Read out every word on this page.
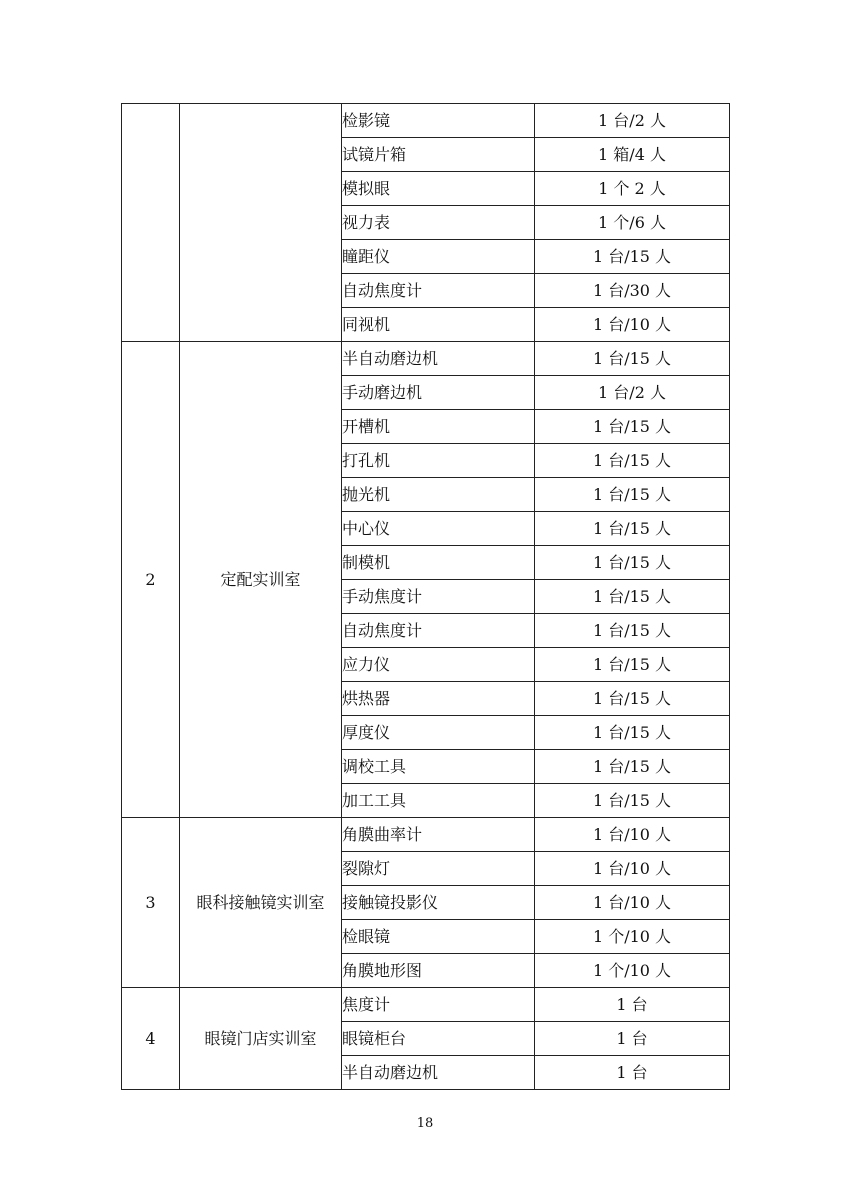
		检影镜	1 台/2 人
		试镜片箱	1 箱/4 人
		模拟眼	1 个 2 人
		视力表	1 个/6 人
		瞳距仪	1 台/15 人
		自动焦度计	1 台/30 人
		同视机	1 台/10 人
2	定配实训室	半自动磨边机	1 台/15 人
		手动磨边机	1 台/2 人
		开槽机	1 台/15 人
		打孔机	1 台/15 人
		抛光机	1 台/15 人
		中心仪	1 台/15 人
		制模机	1 台/15 人
		手动焦度计	1 台/15 人
		自动焦度计	1 台/15 人
		应力仪	1 台/15 人
		烘热器	1 台/15 人
		厚度仪	1 台/15 人
		调校工具	1 台/15 人
		加工工具	1 台/15 人
3	眼科接触镜实训室	角膜曲率计	1 台/10 人
		裂隙灯	1 台/10 人
		接触镜投影仪	1 台/10 人
		检眼镜	1 个/10 人
		角膜地形图	1 个/10 人
4	眼镜门店实训室	焦度计	1 台
		眼镜柜台	1 台
		半自动磨边机	1 台
18
